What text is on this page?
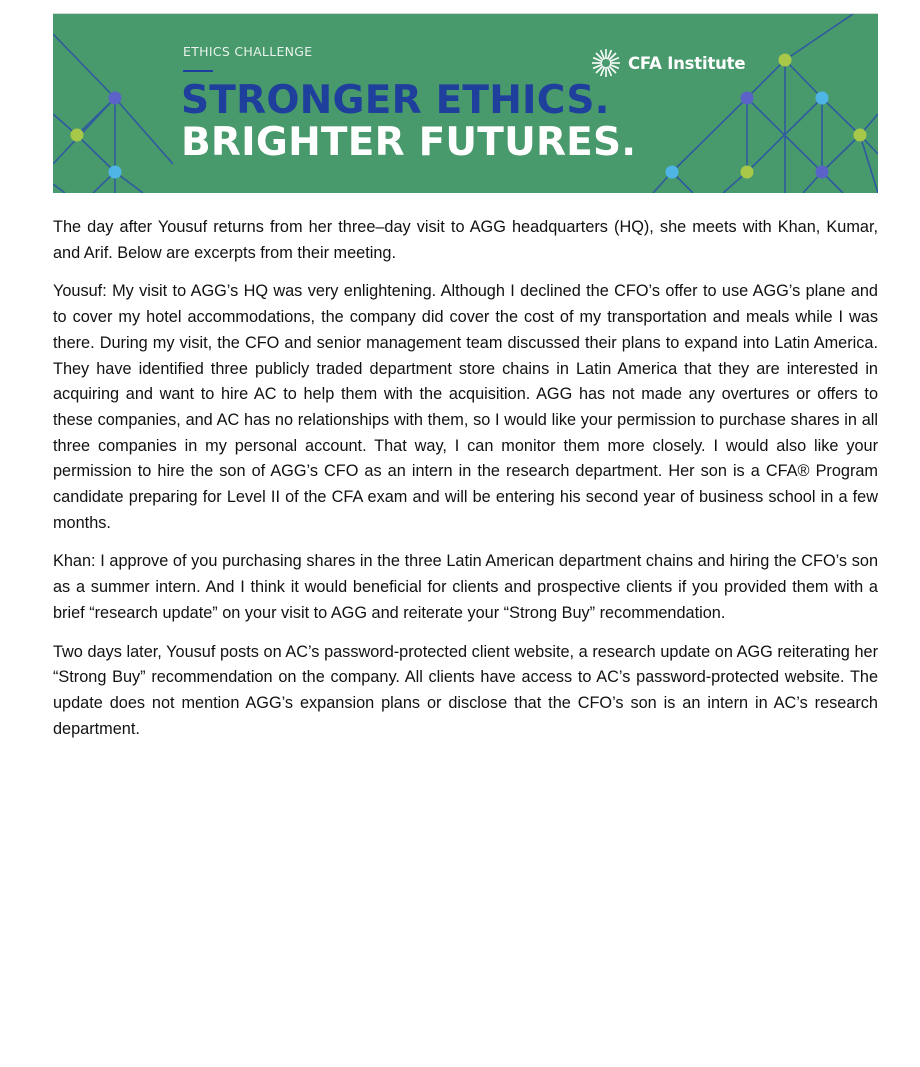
ETHICS CHALLENGE
STRONGER ETHICS.
BRIGHTER FUTURES.
CFA Institute

The day after Yousuf returns from her three–day visit to AGG headquarters (HQ), she meets with Khan, Kumar, and Arif. Below are excerpts from their meeting.

Yousuf: My visit to AGG’s HQ was very enlightening. Although I declined the CFO’s offer to use AGG’s plane and to cover my hotel accommodations, the company did cover the cost of my transportation and meals while I was there. During my visit, the CFO and senior management team discussed their plans to expand into Latin America. They have identified three publicly traded department store chains in Latin America that they are interested in acquiring and want to hire AC to help them with the acquisition. AGG has not made any overtures or offers to these companies, and AC has no relationships with them, so I would like your permission to purchase shares in all three companies in my personal account. That way, I can monitor them more closely. I would also like your permission to hire the son of AGG’s CFO as an intern in the research department. Her son is a CFA® Program candidate preparing for Level II of the CFA exam and will be entering his second year of business school in a few months.

Khan: I approve of you purchasing shares in the three Latin American department chains and hiring the CFO’s son as a summer intern. And I think it would beneficial for clients and prospective clients if you provided them with a brief “research update” on your visit to AGG and reiterate your “Strong Buy” recommendation.

Two days later, Yousuf posts on AC’s password-protected client website, a research update on AGG reiterating her “Strong Buy” recommendation on the company. All clients have access to AC’s password-protected website. The update does not mention AGG’s expansion plans or disclose that the CFO’s son is an intern in AC’s research department.
